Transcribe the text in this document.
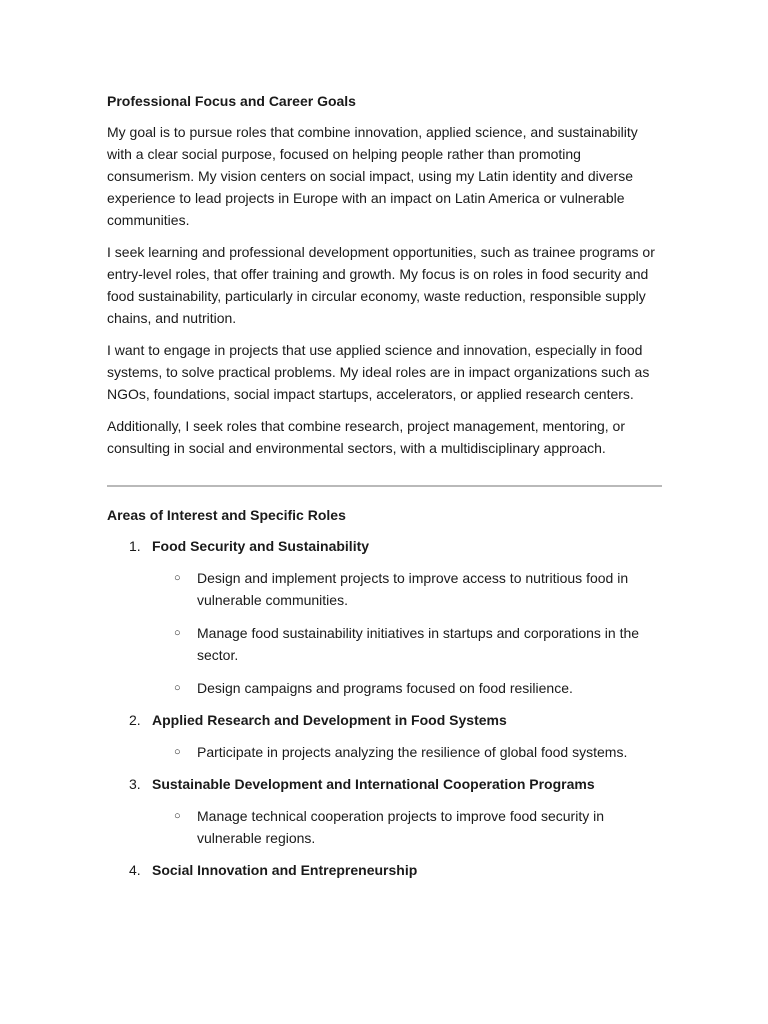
Professional Focus and Career Goals

My goal is to pursue roles that combine innovation, applied science, and sustainability with a clear social purpose, focused on helping people rather than promoting consumerism. My vision centers on social impact, using my Latin identity and diverse experience to lead projects in Europe with an impact on Latin America or vulnerable communities.

I seek learning and professional development opportunities, such as trainee programs or entry-level roles, that offer training and growth. My focus is on roles in food security and food sustainability, particularly in circular economy, waste reduction, responsible supply chains, and nutrition.

I want to engage in projects that use applied science and innovation, especially in food systems, to solve practical problems. My ideal roles are in impact organizations such as NGOs, foundations, social impact startups, accelerators, or applied research centers.

Additionally, I seek roles that combine research, project management, mentoring, or consulting in social and environmental sectors, with a multidisciplinary approach.

Areas of Interest and Specific Roles
1. Food Security and Sustainability
○ Design and implement projects to improve access to nutritious food in vulnerable communities.
○ Manage food sustainability initiatives in startups and corporations in the sector.
○ Design campaigns and programs focused on food resilience.
2. Applied Research and Development in Food Systems
○ Participate in projects analyzing the resilience of global food systems.
3. Sustainable Development and International Cooperation Programs
○ Manage technical cooperation projects to improve food security in vulnerable regions.
4. Social Innovation and Entrepreneurship
